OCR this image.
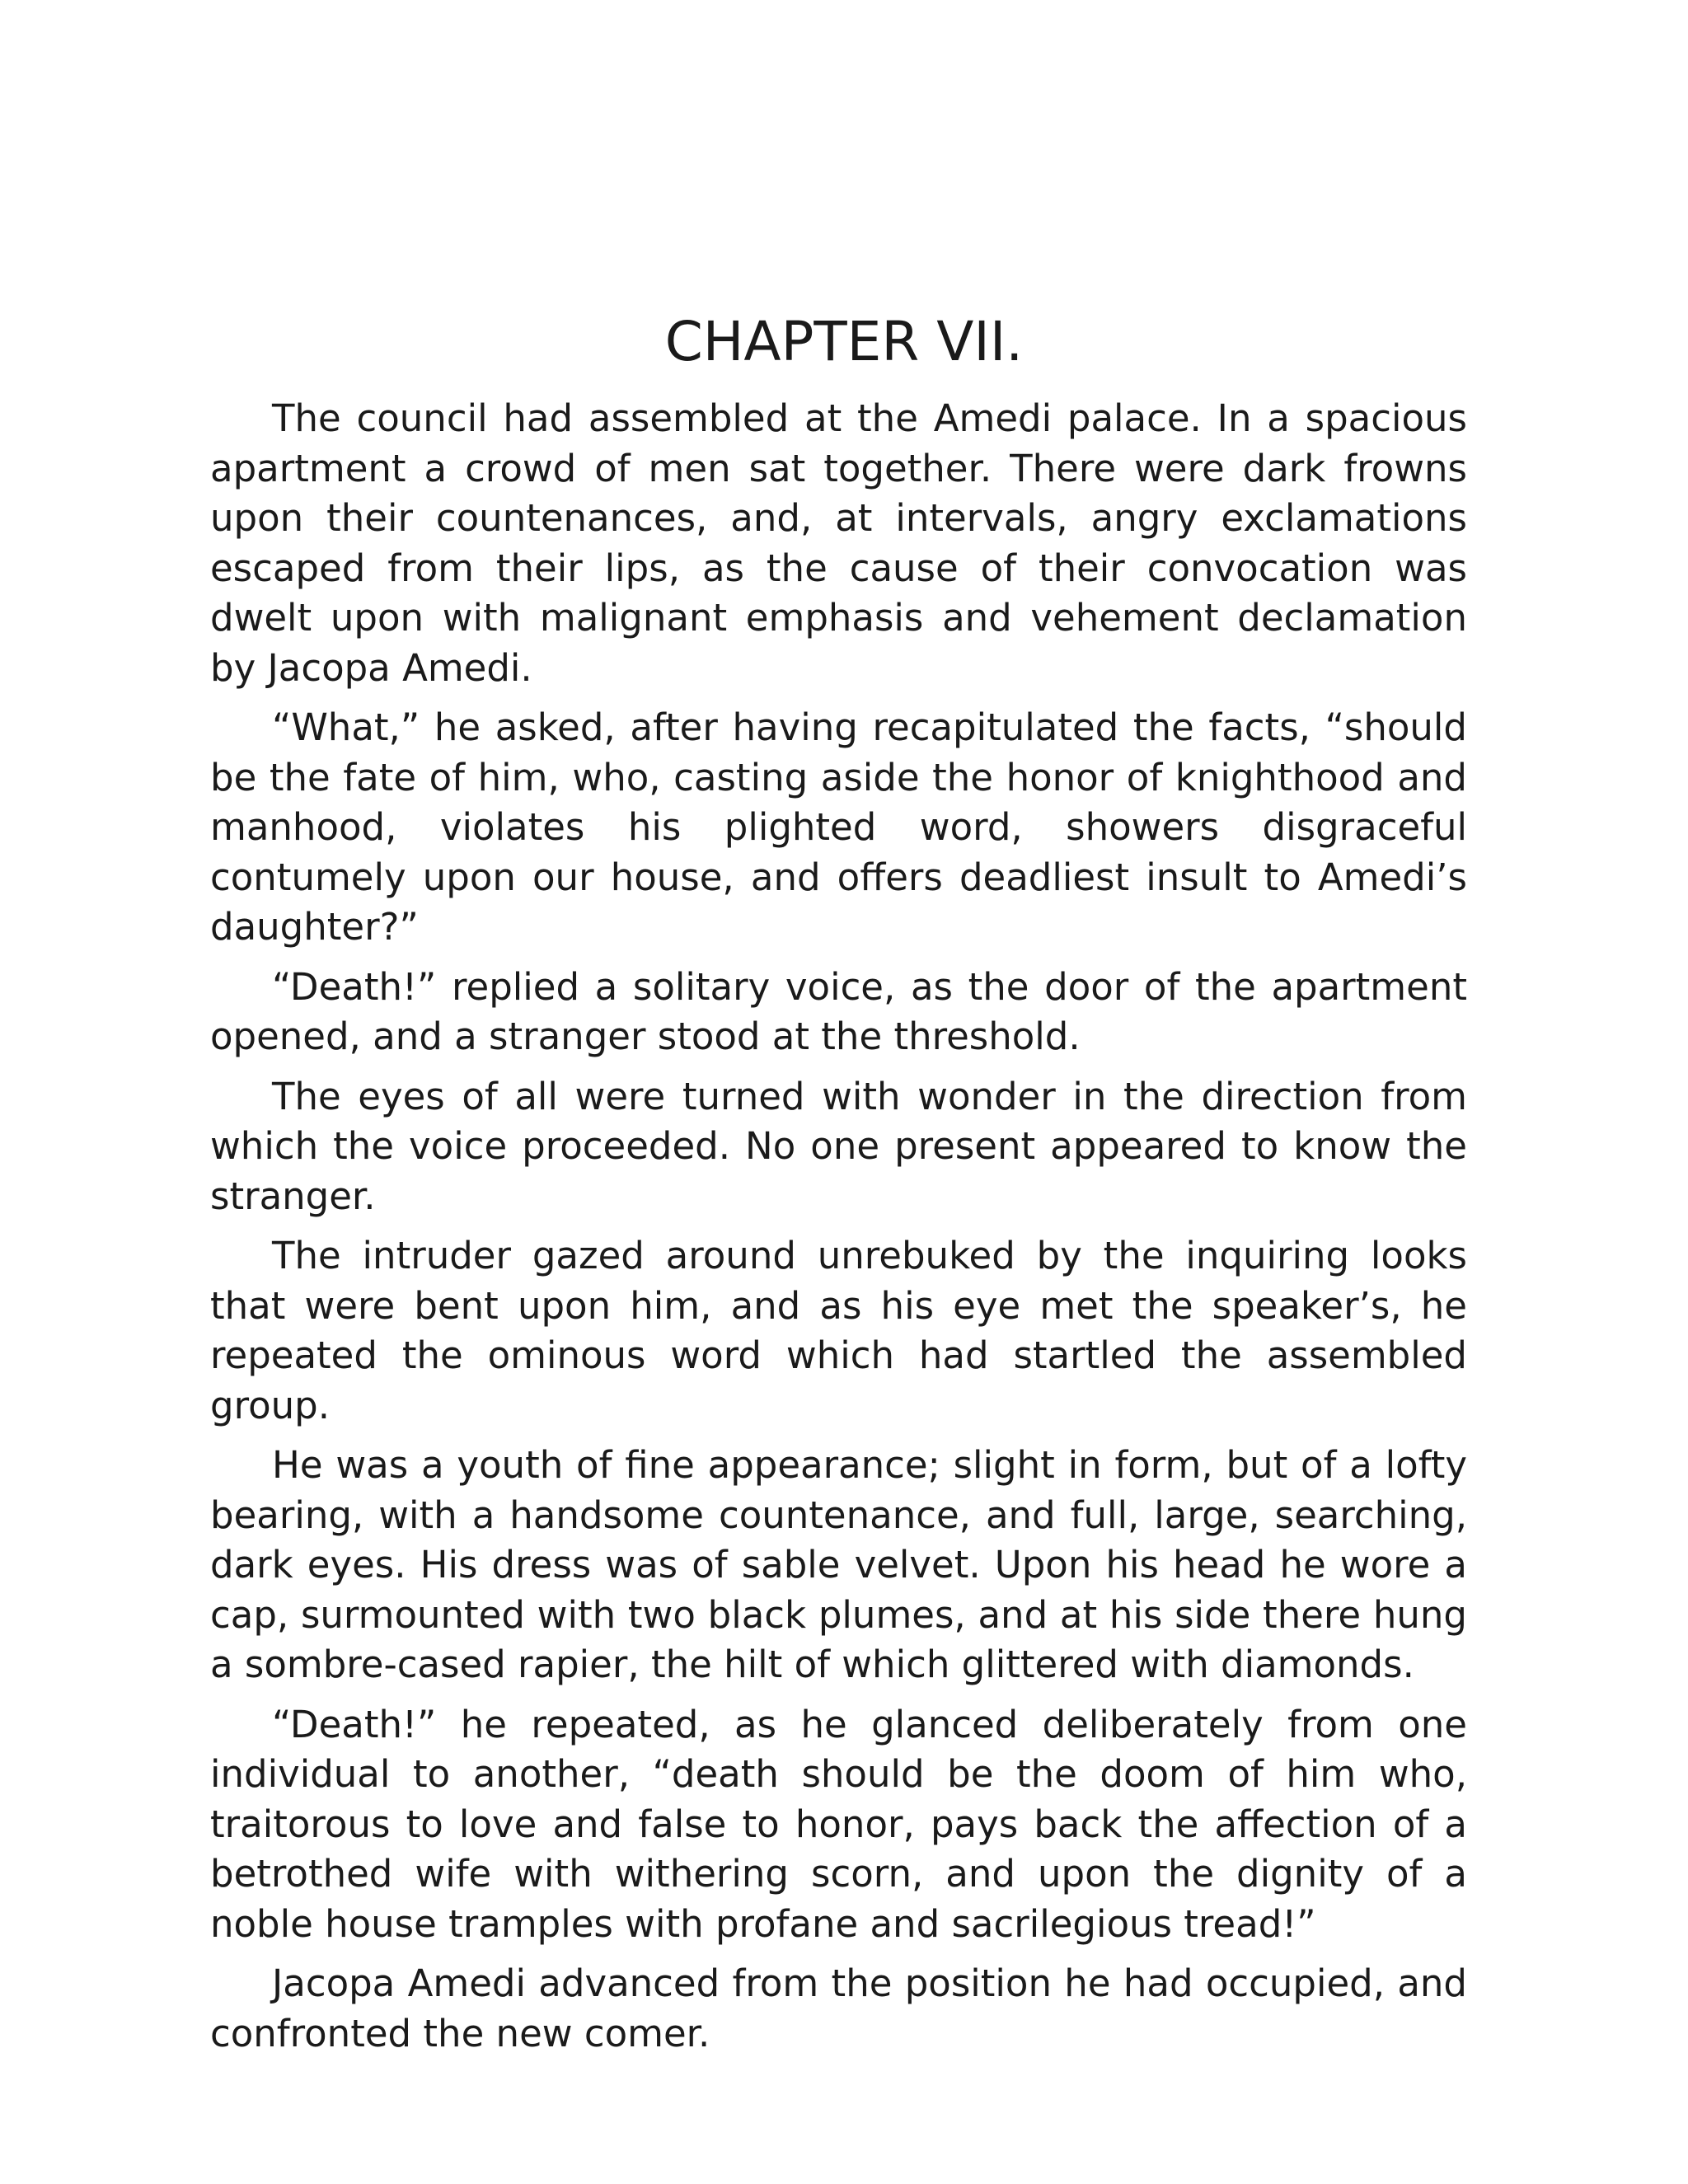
CHAPTER VII.

The council had assembled at the Amedi palace. In a spacious apartment a crowd of men sat together. There were dark frowns upon their countenances, and, at intervals, angry exclamations escaped from their lips, as the cause of their convocation was dwelt upon with malignant emphasis and vehement declamation by Jacopa Amedi.

“What,” he asked, after having recapitulated the facts, “should be the fate of him, who, casting aside the honor of knighthood and manhood, violates his plighted word, showers disgraceful contumely upon our house, and offers deadliest insult to Amedi’s daughter?”

“Death!” replied a solitary voice, as the door of the apartment opened, and a stranger stood at the threshold.

The eyes of all were turned with wonder in the direction from which the voice proceeded. No one present appeared to know the stranger.

The intruder gazed around unrebuked by the inquiring looks that were bent upon him, and as his eye met the speaker’s, he repeated the ominous word which had startled the assembled group.

He was a youth of fine appearance; slight in form, but of a lofty bearing, with a handsome countenance, and full, large, searching, dark eyes. His dress was of sable velvet. Upon his head he wore a cap, surmounted with two black plumes, and at his side there hung a sombre-cased rapier, the hilt of which glittered with diamonds.

“Death!” he repeated, as he glanced deliberately from one individual to another, “death should be the doom of him who, traitorous to love and false to honor, pays back the affection of a betrothed wife with withering scorn, and upon the dignity of a noble house tramples with profane and sacrilegious tread!”

Jacopa Amedi advanced from the position he had occupied, and confronted the new comer.
